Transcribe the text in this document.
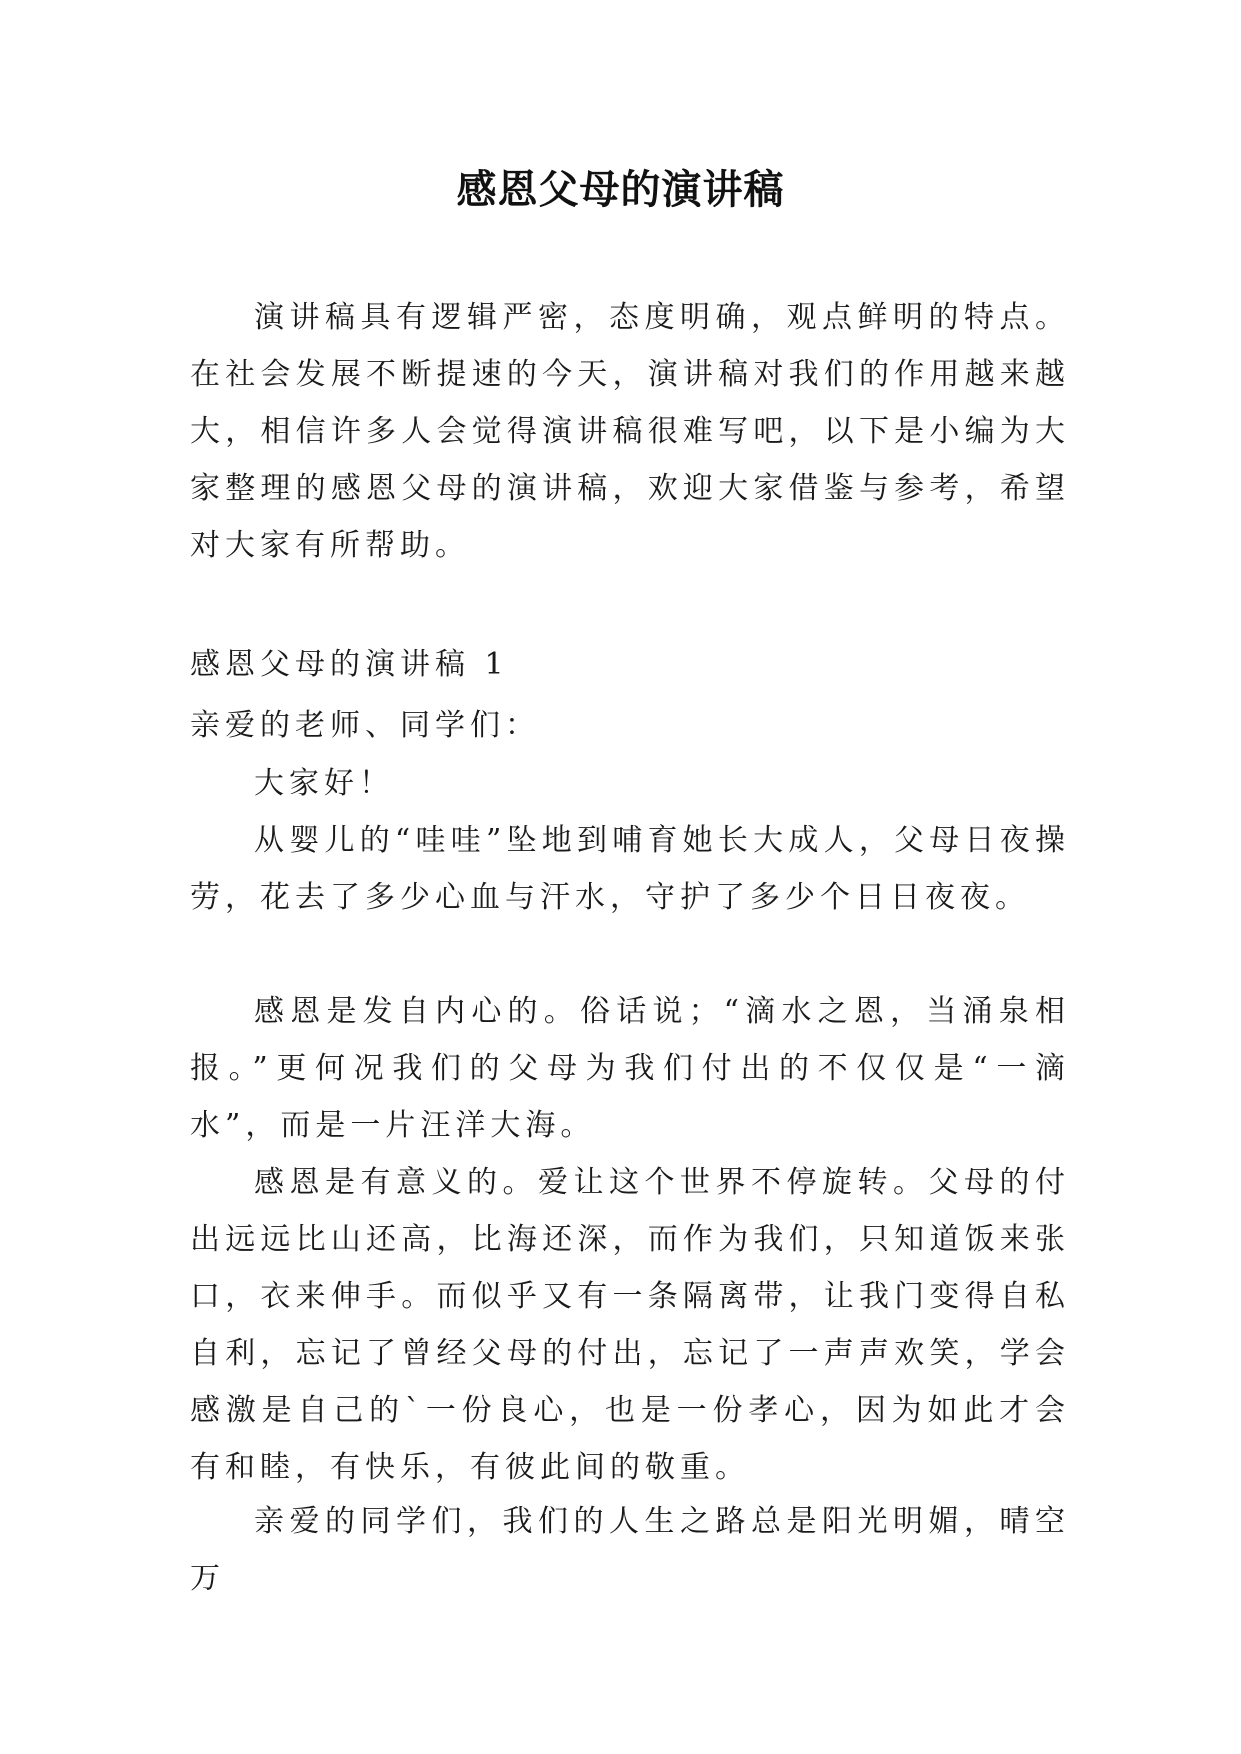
感恩父母的演讲稿

演讲稿具有逻辑严密，态度明确，观点鲜明的特点。在社会发展不断提速的今天，演讲稿对我们的作用越来越大，相信许多人会觉得演讲稿很难写吧，以下是小编为大家整理的感恩父母的演讲稿，欢迎大家借鉴与参考，希望对大家有所帮助。

感恩父母的演讲稿 1

亲爱的老师、同学们：

大家好！

从婴儿的“哇哇”坠地到哺育她长大成人，父母日夜操劳，花去了多少心血与汗水，守护了多少个日日夜夜。

感恩是发自内心的。俗话说；“滴水之恩，当涌泉相报。”更何况我们的父母为我们付出的不仅仅是“一滴水”，而是一片汪洋大海。

感恩是有意义的。爱让这个世界不停旋转。父母的付出远远比山还高，比海还深，而作为我们，只知道饭来张口，衣来伸手。而似乎又有一条隔离带，让我门变得自私自利，忘记了曾经父母的付出，忘记了一声声欢笑，学会感激是自己的`一份良心，也是一份孝心，因为如此才会有和睦，有快乐，有彼此间的敬重。

亲爱的同学们，我们的人生之路总是阳光明媚，晴空万
